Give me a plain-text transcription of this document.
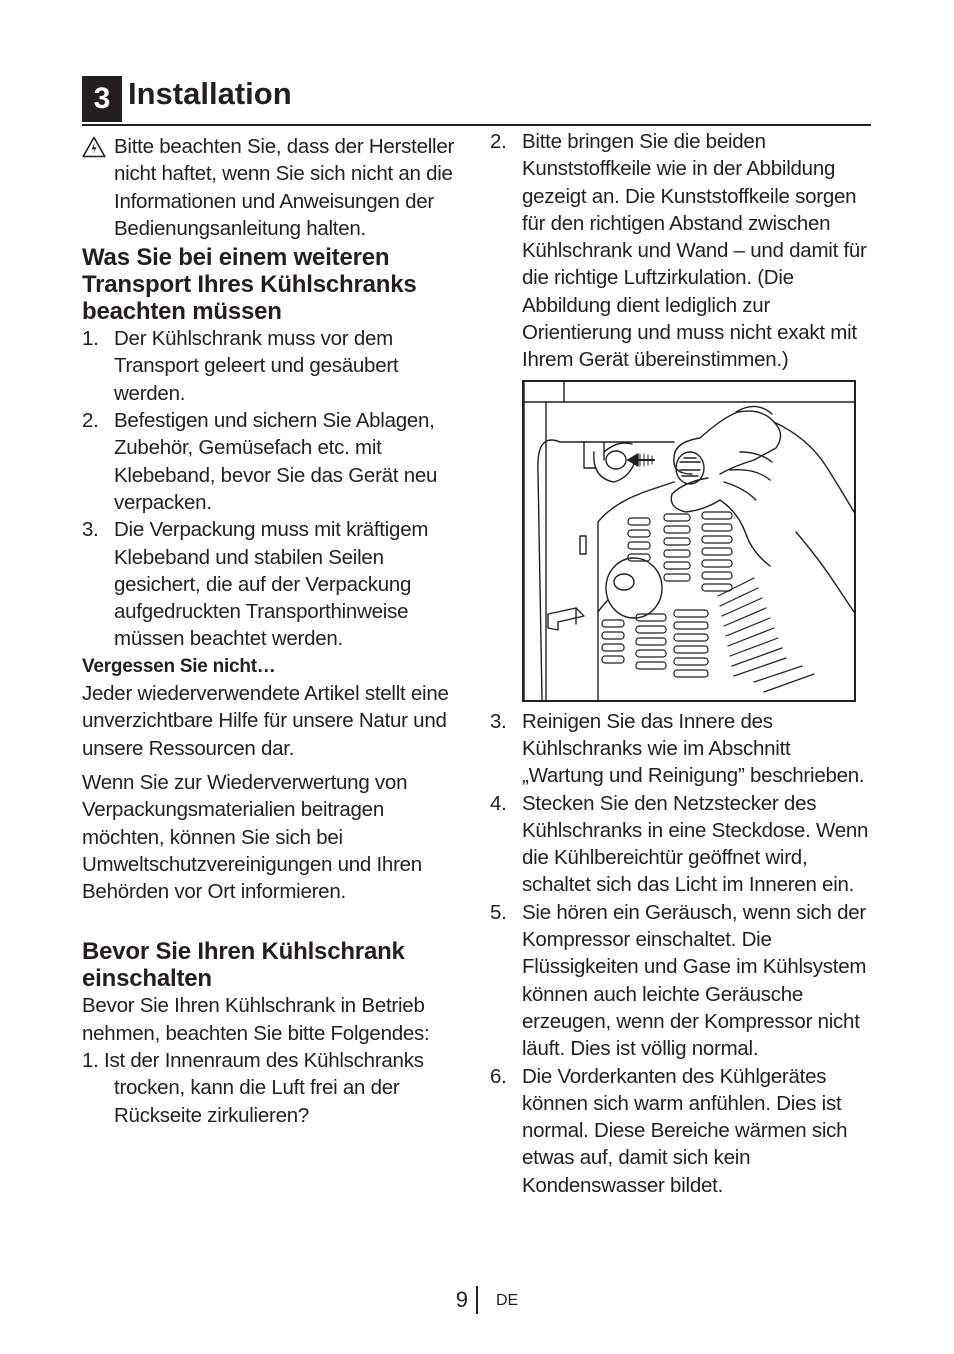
3 Installation

Bitte beachten Sie, dass der Hersteller nicht haftet, wenn Sie sich nicht an die Informationen und Anweisungen der Bedienungsanleitung halten.

Was Sie bei einem weiteren Transport Ihres Kühlschranks beachten müssen
1. Der Kühlschrank muss vor dem Transport geleert und gesäubert werden.
2. Befestigen und sichern Sie Ablagen, Zubehör, Gemüsefach etc. mit Klebeband, bevor Sie das Gerät neu verpacken.
3. Die Verpackung muss mit kräftigem Klebeband und stabilen Seilen gesichert, die auf der Verpackung aufgedruckten Transporthinweise müssen beachtet werden.

Vergessen Sie nicht…

Jeder wiederverwendete Artikel stellt eine unverzichtbare Hilfe für unsere Natur und unsere Ressourcen dar.

Wenn Sie zur Wiederverwertung von Verpackungsmaterialien beitragen möchten, können Sie sich bei Umweltschutzvereinigungen und Ihren Behörden vor Ort informieren.

Bevor Sie Ihren Kühlschrank einschalten

Bevor Sie Ihren Kühlschrank in Betrieb nehmen, beachten Sie bitte Folgendes:

1. Ist der Innenraum des Kühlschranks trocken, kann die Luft frei an der Rückseite zirkulieren?
2. Bitte bringen Sie die beiden Kunststoffkeile wie in der Abbildung gezeigt an. Die Kunststoffkeile sorgen für den richtigen Abstand zwischen Kühlschrank und Wand – und damit für die richtige Luftzirkulation. (Die Abbildung dient lediglich zur Orientierung und muss nicht exakt mit Ihrem Gerät übereinstimmen.)
3. Reinigen Sie das Innere des Kühlschranks wie im Abschnitt „Wartung und Reinigung” beschrieben.
4. Stecken Sie den Netzstecker des Kühlschranks in eine Steckdose. Wenn die Kühlbereichtür geöffnet wird, schaltet sich das Licht im Inneren ein.
5. Sie hören ein Geräusch, wenn sich der Kompressor einschaltet. Die Flüssigkeiten und Gase im Kühlsystem können auch leichte Geräusche erzeugen, wenn der Kompressor nicht läuft. Dies ist völlig normal.
6. Die Vorderkanten des Kühlgerätes können sich warm anfühlen. Dies ist normal. Diese Bereiche wärmen sich etwas auf, damit sich kein Kondenswasser bildet.
9 DE
